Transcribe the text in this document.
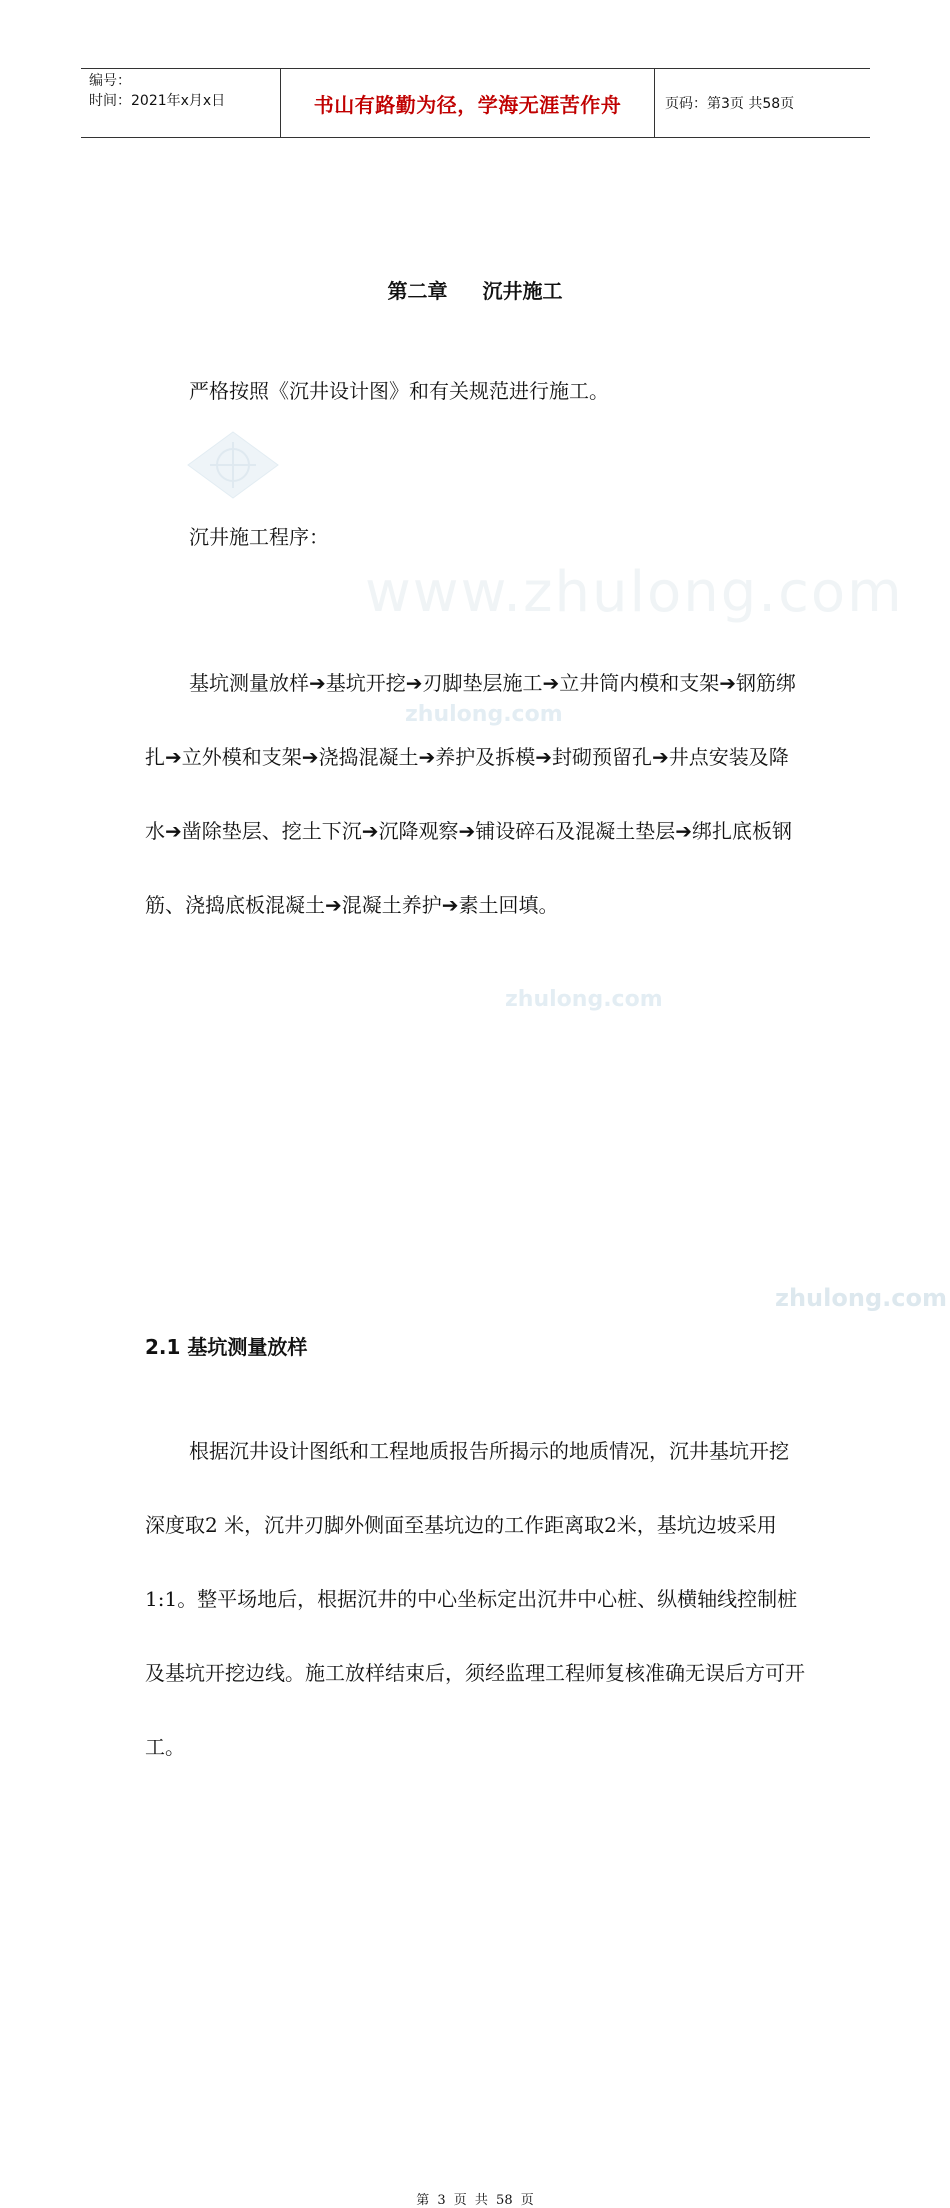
www.zhulong.com
zhulong.com
zhulong.com
zhulong.com
编号：
时间：2021年x月x日	书山有路勤为径，学海无涯苦作舟	页码：第3页 共58页
第二章 沉井施工
严格按照《沉井设计图》和有关规范进行施工。
沉井施工程序：
基坑测量放样➔基坑开挖➔刃脚垫层施工➔立井筒内模和支架➔钢筋绑扎➔立外模和支架➔浇捣混凝土➔养护及拆模➔封砌预留孔➔井点安装及降水➔凿除垫层、挖土下沉➔沉降观察➔铺设碎石及混凝土垫层➔绑扎底板钢筋、浇捣底板混凝土➔混凝土养护➔素土回填。
2.1 基坑测量放样
根据沉井设计图纸和工程地质报告所揭示的地质情况，沉井基坑开挖深度取2 米，沉井刃脚外侧面至基坑边的工作距离取2米，基坑边坡采用1:1。整平场地后，根据沉井的中心坐标定出沉井中心桩、纵横轴线控制桩及基坑开挖边线。施工放样结束后，须经监理工程师复核准确无误后方可开工。
第 3 页 共 58 页
